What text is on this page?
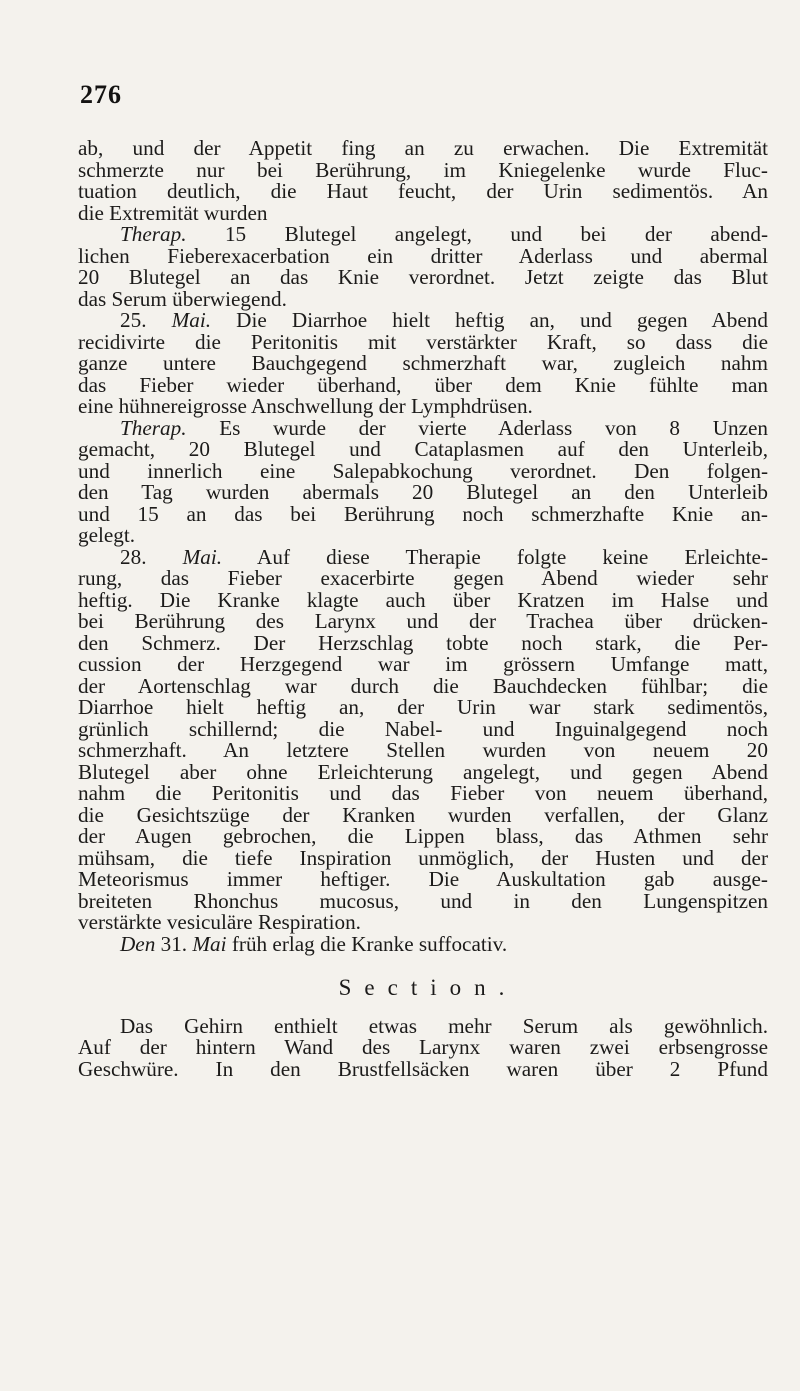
276
ab, und der Appetit fing an zu erwachen. Die Extremität
schmerzte nur bei Berührung, im Kniegelenke wurde Fluc-
tuation deutlich, die Haut feucht, der Urin sedimentös. An
die Extremität wurden
Therap. 15 Blutegel angelegt, und bei der abend-
lichen Fieberexacerbation ein dritter Aderlass und abermal
20 Blutegel an das Knie verordnet. Jetzt zeigte das Blut
das Serum überwiegend.
25. Mai. Die Diarrhoe hielt heftig an, und gegen Abend
recidivirte die Peritonitis mit verstärkter Kraft, so dass die
ganze untere Bauchgegend schmerzhaft war, zugleich nahm
das Fieber wieder überhand, über dem Knie fühlte man
eine hühnereigrosse Anschwellung der Lymphdrüsen.
Therap. Es wurde der vierte Aderlass von 8 Unzen
gemacht, 20 Blutegel und Cataplasmen auf den Unterleib,
und innerlich eine Salepabkochung verordnet. Den folgen-
den Tag wurden abermals 20 Blutegel an den Unterleib
und 15 an das bei Berührung noch schmerzhafte Knie an-
gelegt.
28. Mai. Auf diese Therapie folgte keine Erleichte-
rung, das Fieber exacerbirte gegen Abend wieder sehr
heftig. Die Kranke klagte auch über Kratzen im Halse und
bei Berührung des Larynx und der Trachea über drücken-
den Schmerz. Der Herzschlag tobte noch stark, die Per-
cussion der Herzgegend war im grössern Umfange matt,
der Aortenschlag war durch die Bauchdecken fühlbar; die
Diarrhoe hielt heftig an, der Urin war stark sedimentös,
grünlich schillernd; die Nabel- und Inguinalgegend noch
schmerzhaft. An letztere Stellen wurden von neuem 20
Blutegel aber ohne Erleichterung angelegt, und gegen Abend
nahm die Peritonitis und das Fieber von neuem überhand,
die Gesichtszüge der Kranken wurden verfallen, der Glanz
der Augen gebrochen, die Lippen blass, das Athmen sehr
mühsam, die tiefe Inspiration unmöglich, der Husten und der
Meteorismus immer heftiger. Die Auskultation gab ausge-
breiteten Rhonchus mucosus, und in den Lungenspitzen
verstärkte vesiculäre Respiration.
Den 31. Mai früh erlag die Kranke suffocativ.
Section.
Das Gehirn enthielt etwas mehr Serum als gewöhnlich.
Auf der hintern Wand des Larynx waren zwei erbsengrosse
Geschwüre. In den Brustfellsäcken waren über 2 Pfund
